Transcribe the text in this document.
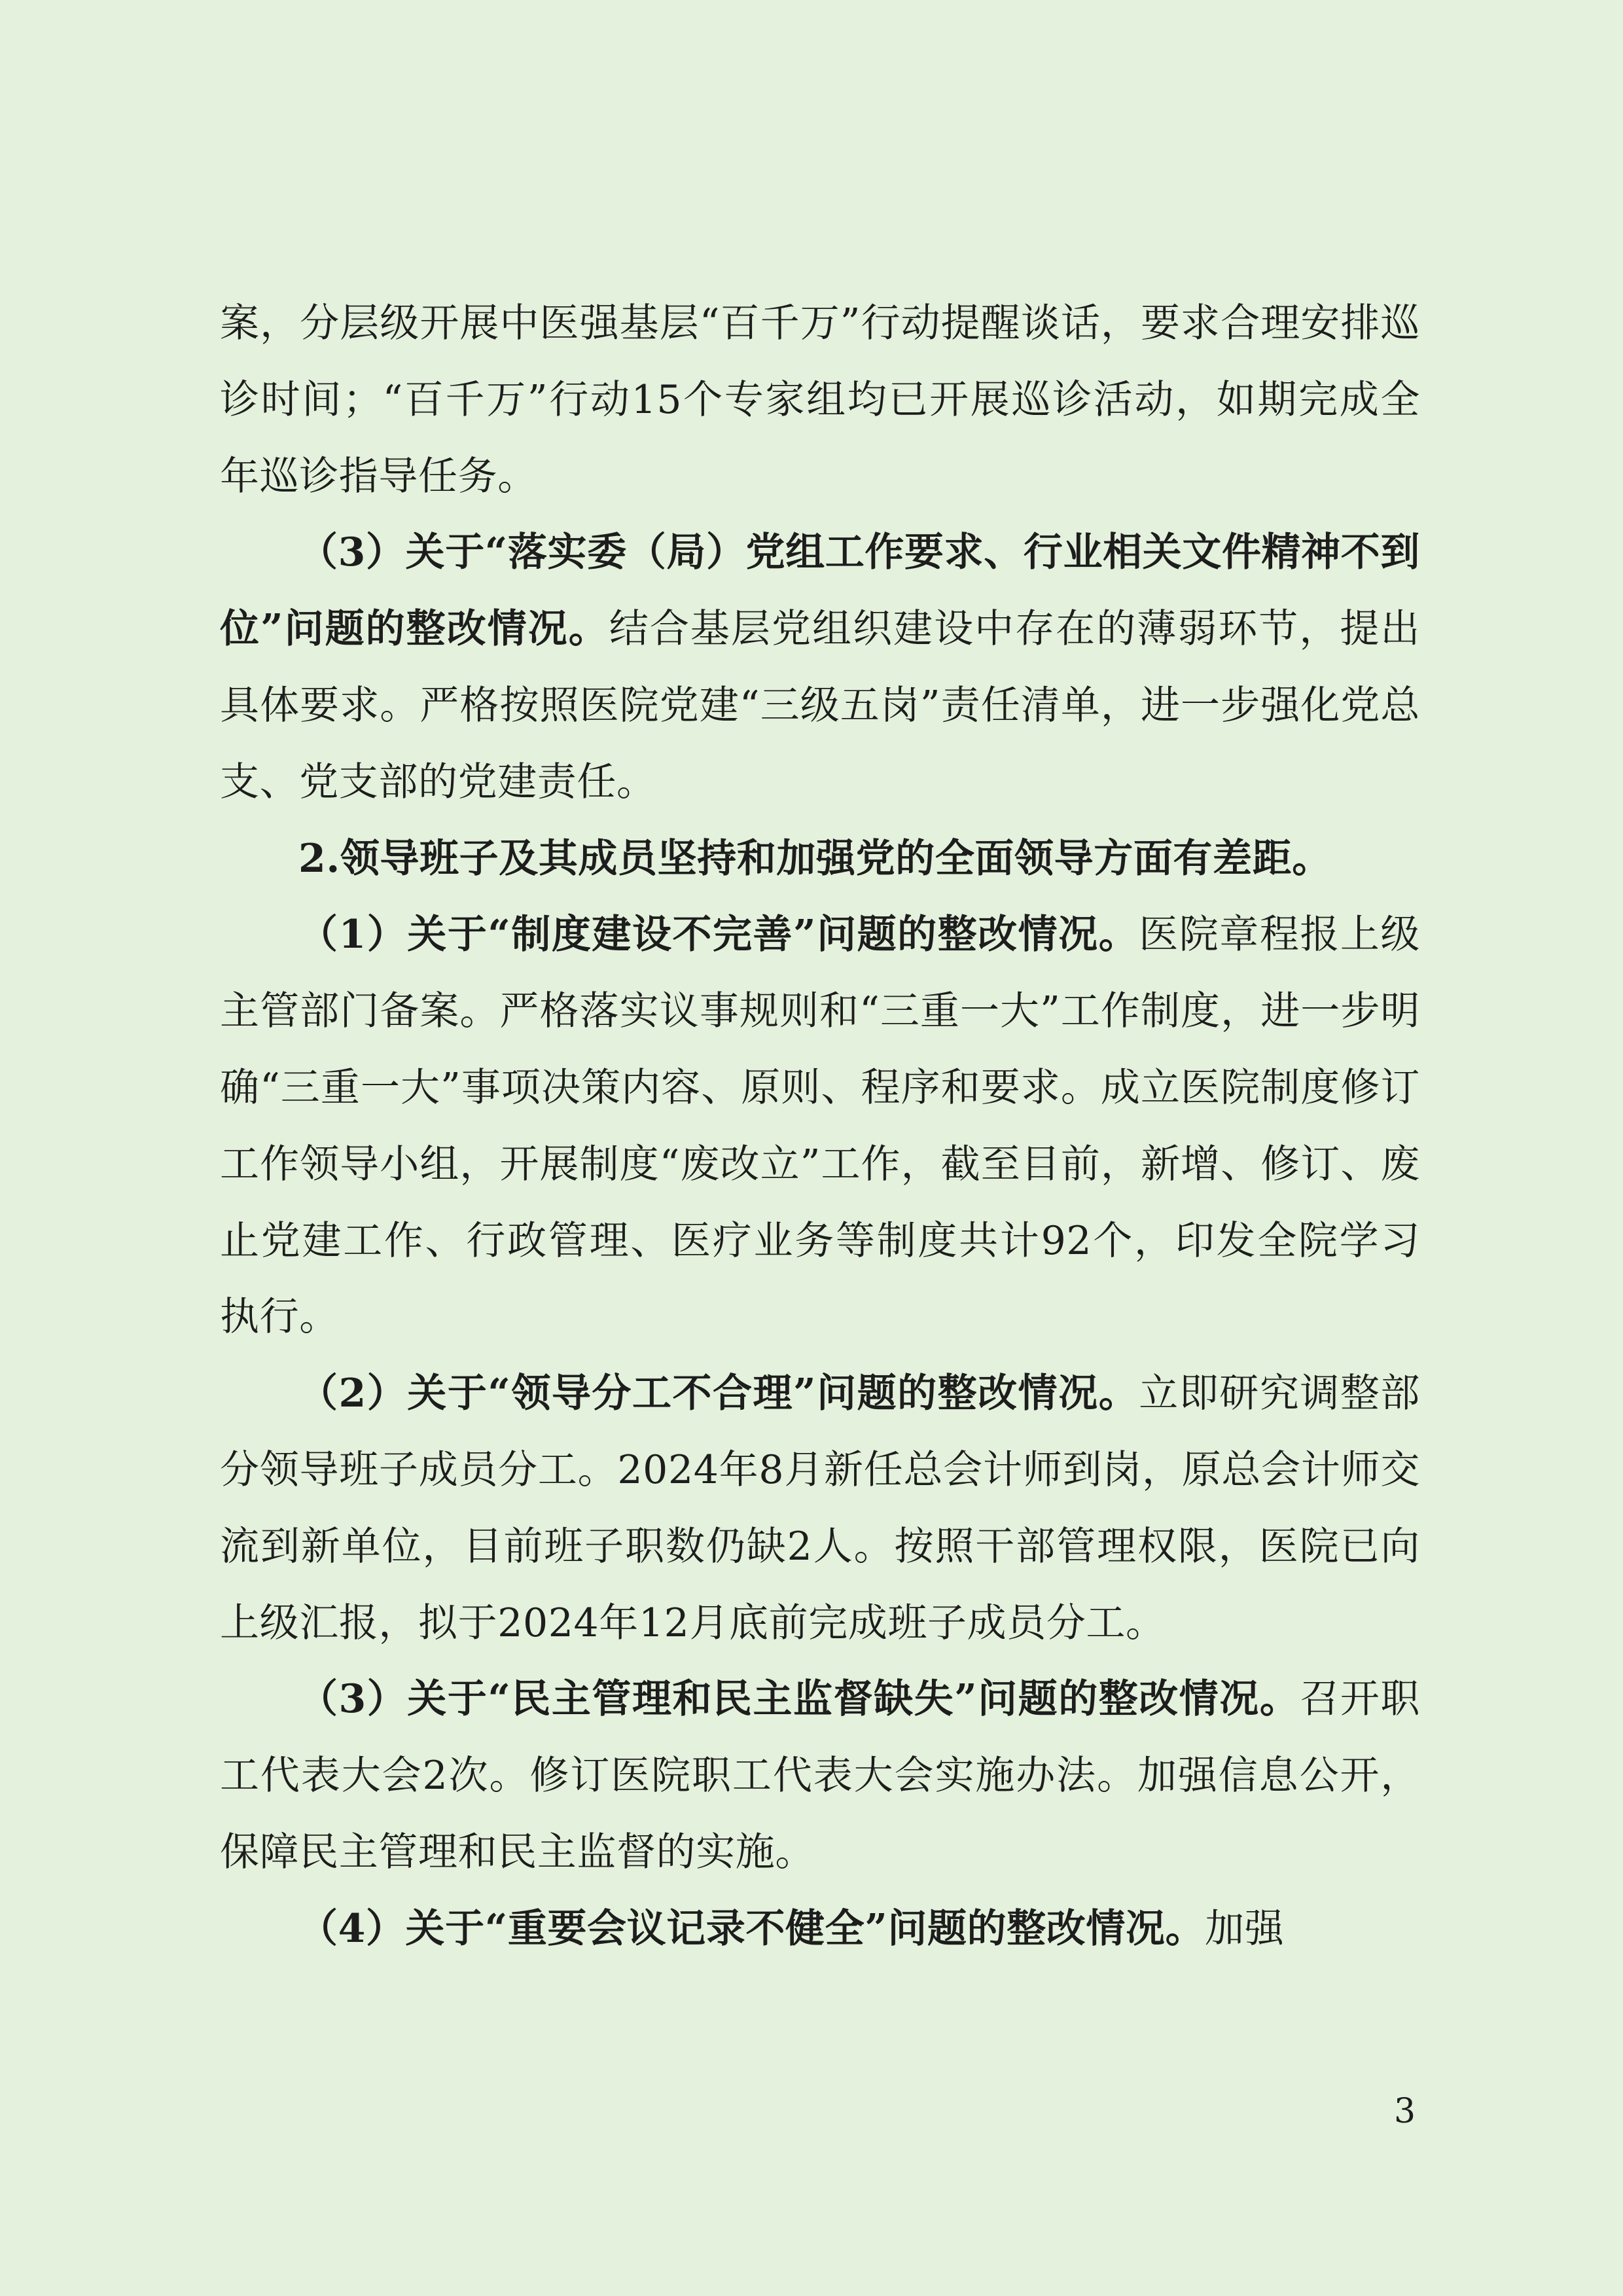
案，分层级开展中医强基层“百千万”行动提醒谈话，要求合理安排巡诊时间；“百千万”行动15个专家组均已开展巡诊活动，如期完成全年巡诊指导任务。

（3）关于“落实委（局）党组工作要求、行业相关文件精神不到位”问题的整改情况。结合基层党组织建设中存在的薄弱环节，提出具体要求。严格按照医院党建“三级五岗”责任清单，进一步强化党总支、党支部的党建责任。

2.领导班子及其成员坚持和加强党的全面领导方面有差距。

（1）关于“制度建设不完善”问题的整改情况。医院章程报上级主管部门备案。严格落实议事规则和“三重一大”工作制度，进一步明确“三重一大”事项决策内容、原则、程序和要求。成立医院制度修订工作领导小组，开展制度“废改立”工作，截至目前，新增、修订、废止党建工作、行政管理、医疗业务等制度共计92个，印发全院学习执行。

（2）关于“领导分工不合理”问题的整改情况。立即研究调整部分领导班子成员分工。2024年8月新任总会计师到岗，原总会计师交流到新单位，目前班子职数仍缺2人。按照干部管理权限，医院已向上级汇报，拟于2024年12月底前完成班子成员分工。

（3）关于“民主管理和民主监督缺失”问题的整改情况。召开职工代表大会2次。修订医院职工代表大会实施办法。加强信息公开，保障民主管理和民主监督的实施。

（4）关于“重要会议记录不健全”问题的整改情况。加强

3
